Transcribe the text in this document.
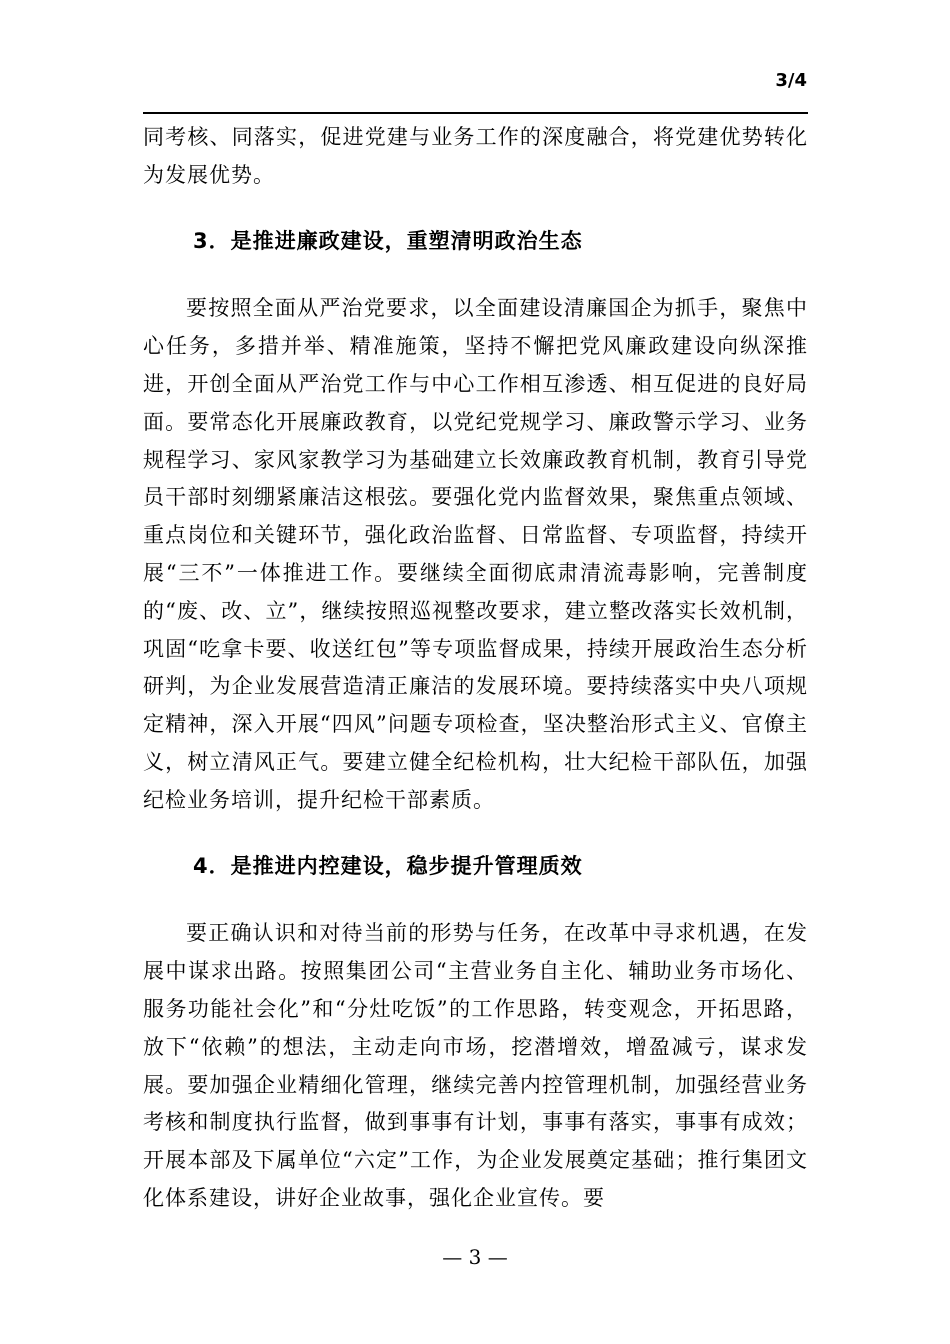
3/4

同考核、同落实，促进党建与业务工作的深度融合，将党建优势转化为发展优势。

3．是推进廉政建设，重塑清明政治生态

要按照全面从严治党要求，以全面建设清廉国企为抓手，聚焦中心任务，多措并举、精准施策，坚持不懈把党风廉政建设向纵深推进，开创全面从严治党工作与中心工作相互渗透、相互促进的良好局面。要常态化开展廉政教育，以党纪党规学习、廉政警示学习、业务规程学习、家风家教学习为基础建立长效廉政教育机制，教育引导党员干部时刻绷紧廉洁这根弦。要强化党内监督效果，聚焦重点领域、重点岗位和关键环节，强化政治监督、日常监督、专项监督，持续开展“三不”一体推进工作。要继续全面彻底肃清流毒影响，完善制度的“废、改、立”，继续按照巡视整改要求，建立整改落实长效机制，巩固“吃拿卡要、收送红包”等专项监督成果，持续开展政治生态分析研判，为企业发展营造清正廉洁的发展环境。要持续落实中央八项规定精神，深入开展“四风”问题专项检查，坚决整治形式主义、官僚主义，树立清风正气。要建立健全纪检机构，壮大纪检干部队伍，加强纪检业务培训，提升纪检干部素质。

4．是推进内控建设，稳步提升管理质效

要正确认识和对待当前的形势与任务，在改革中寻求机遇，在发展中谋求出路。按照集团公司“主营业务自主化、辅助业务市场化、服务功能社会化”和“分灶吃饭”的工作思路，转变观念，开拓思路，放下“依赖”的想法，主动走向市场，挖潜增效，增盈减亏，谋求发展。要加强企业精细化管理，继续完善内控管理机制，加强经营业务考核和制度执行监督，做到事事有计划，事事有落实，事事有成效；开展本部及下属单位“六定”工作，为企业发展奠定基础；推行集团文化体系建设，讲好企业故事，强化企业宣传。要

— 3 —
